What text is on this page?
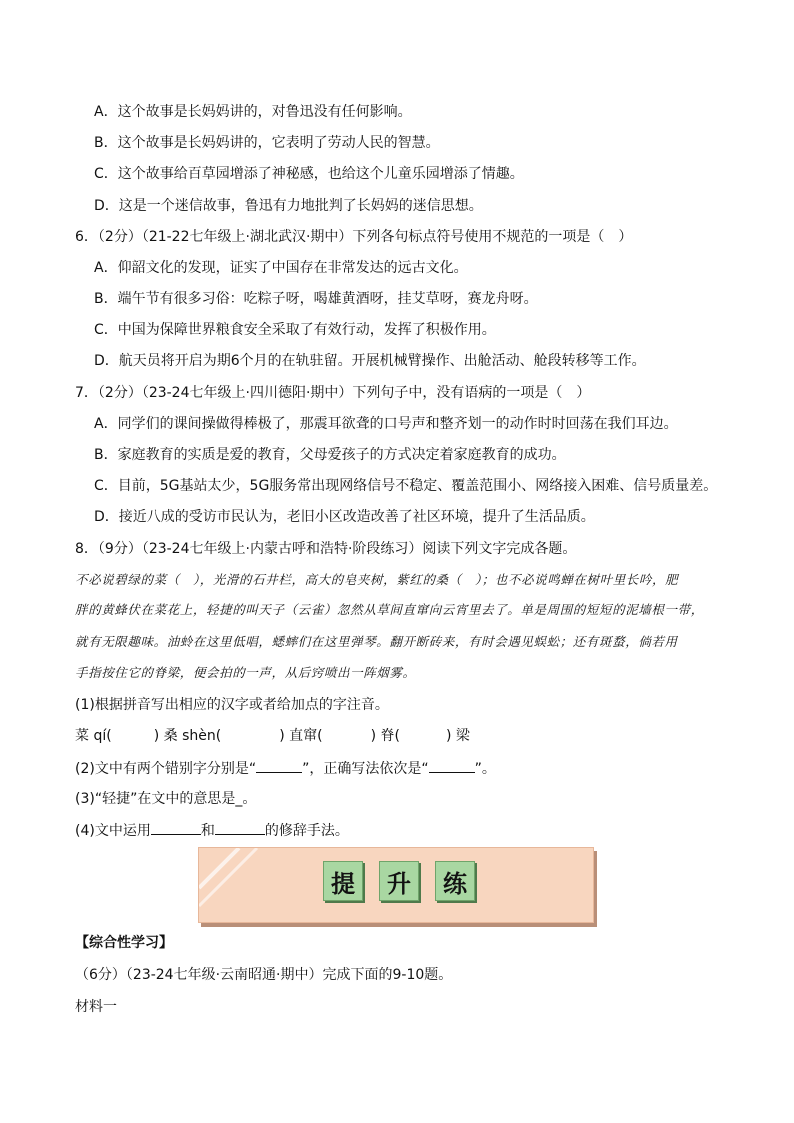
A．这个故事是长妈妈讲的，对鲁迅没有任何影响。
B．这个故事是长妈妈讲的，它表明了劳动人民的智慧。
C．这个故事给百草园增添了神秘感，也给这个儿童乐园增添了情趣。
D．这是一个迷信故事，鲁迅有力地批判了长妈妈的迷信思想。
6．（2分）（21-22七年级上·湖北武汉·期中）下列各句标点符号使用不规范的一项是（　）
A．仰韶文化的发现，证实了中国存在非常发达的远古文化。
B．端午节有很多习俗：吃粽子呀，喝雄黄酒呀，挂艾草呀，赛龙舟呀。
C．中国为保障世界粮食安全采取了有效行动，发挥了积极作用。
D．航天员将开启为期6个月的在轨驻留。开展机械臂操作、出舱活动、舱段转移等工作。
7．（2分）（23-24七年级上·四川德阳·期中）下列句子中，没有语病的一项是（　）
A．同学们的课间操做得棒极了，那震耳欲聋的口号声和整齐划一的动作时时回荡在我们耳边。
B．家庭教育的实质是爱的教育，父母爱孩子的方式决定着家庭教育的成功。
C．目前，5G基站太少，5G服务常出现网络信号不稳定、覆盖范围小、网络接入困难、信号质量差。
D．接近八成的受访市民认为，老旧小区改造改善了社区环境，提升了生活品质。
8．（9分）（23-24七年级上·内蒙古呼和浩特·阶段练习）阅读下列文字完成各题。
不必说碧绿的菜（　），光滑的石井栏，高大的皂夹树，紫红的桑（　）；也不必说鸣蝉在树叶里长吟，肥
胖的黄蜂伏在菜花上，轻捷的叫天子（云雀）忽然从草间直窜向云宵里去了。单是周围的短短的泥墙根一带，
就有无限趣味。油蛉在这里低唱，蟋蟀们在这里弹琴。翻开断砖来，有时会遇见蜈蚣；还有斑蝥，倘若用
手指按住它的脊梁，便会拍的一声，从后窍喷出一阵烟雾。
(1)根据拼音写出相应的汉字或者给加点的字注音。
菜 qí(	) 桑 shèn(	) 直窜(	) 脊(	) 梁
(2)文中有两个错别字分别是“	”，正确写法依次是“	”。
(3)“轻捷”在文中的意思是_。
(4)文中运用	和	的修辞手法。
提	升	练
【综合性学习】
（6分）（23-24七年级·云南昭通·期中）完成下面的9-10题。
材料一
